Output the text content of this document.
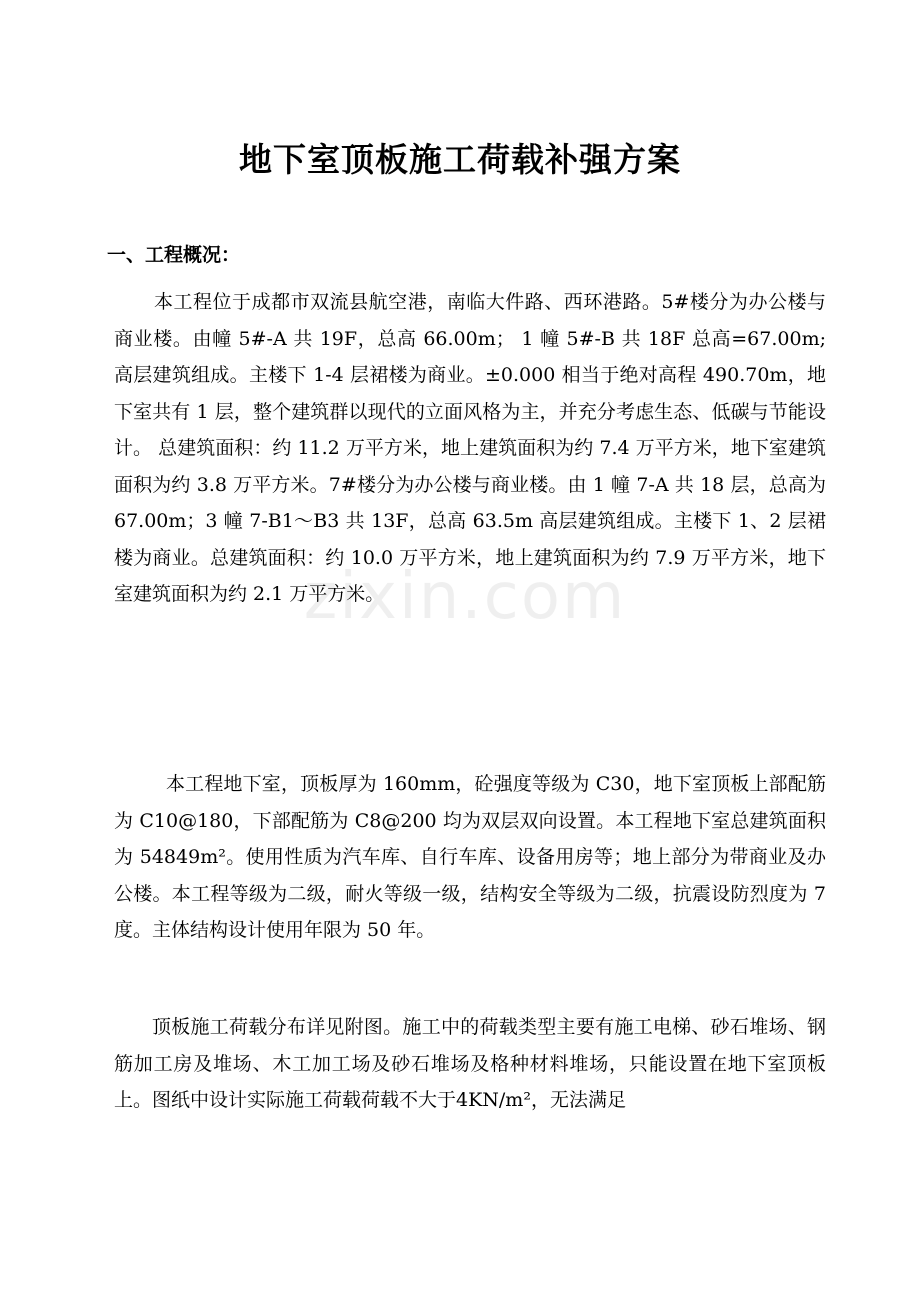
zixin.com
地下室顶板施工荷载补强方案
一、工程概况：

本工程位于成都市双流县航空港，南临大件路、西环港路。5#楼分为办公楼与商业楼。由幢 5#-A 共 19F，总高 66.00m； 1 幢 5#-B 共 18F 总高=67.00m;高层建筑组成。主楼下 1-4 层裙楼为商业。±0.000 相当于绝对高程 490.70m，地下室共有 1 层，整个建筑群以现代的立面风格为主，并充分考虑生态、低碳与节能设计。 总建筑面积：约 11.2 万平方米，地上建筑面积为约 7.4 万平方米，地下室建筑面积为约 3.8 万平方米。7#楼分为办公楼与商业楼。由 1 幢 7-A 共 18 层，总高为 67.00m；3 幢 7-B1～B3 共 13F，总高 63.5m 高层建筑组成。主楼下 1、2 层裙楼为商业。总建筑面积：约 10.0 万平方米，地上建筑面积为约 7.9 万平方米，地下室建筑面积为约 2.1 万平方米。

本工程地下室，顶板厚为 160mm，砼强度等级为 C30，地下室顶板上部配筋为 C10@180，下部配筋为 C8@200 均为双层双向设置。本工程地下室总建筑面积为 54849m²。使用性质为汽车库、自行车库、设备用房等；地上部分为带商业及办公楼。本工程等级为二级，耐火等级一级，结构安全等级为二级，抗震设防烈度为 7 度。主体结构设计使用年限为 50 年。

顶板施工荷载分布详见附图。施工中的荷载类型主要有施工电梯、砂石堆场、钢筋加工房及堆场、木工加工场及砂石堆场及格种材料堆场，只能设置在地下室顶板上。图纸中设计实际施工荷载荷载不大于4KN/m²，无法满足
